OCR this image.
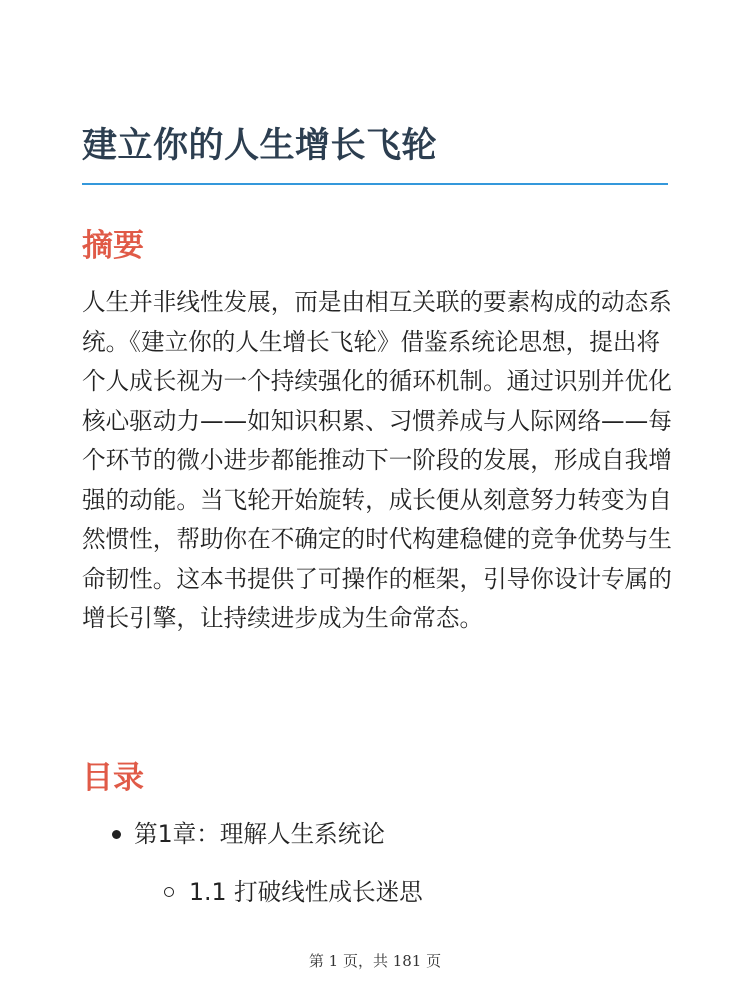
建立你的人生增长飞轮
摘要

人生并非线性发展，而是由相互关联的要素构成的动态系统。《建立你的人生增长飞轮》借鉴系统论思想，提出将个人成长视为一个持续强化的循环机制。通过识别并优化核心驱动力——如知识积累、习惯养成与人际网络——每个环节的微小进步都能推动下一阶段的发展，形成自我增强的动能。当飞轮开始旋转，成长便从刻意努力转变为自然惯性，帮助你在不确定的时代构建稳健的竞争优势与生命韧性。这本书提供了可操作的框架，引导你设计专属的增长引擎，让持续进步成为生命常态。

目录
第1章：理解人生系统论
1.1 打破线性成长迷思
第 1 页，共 181 页
